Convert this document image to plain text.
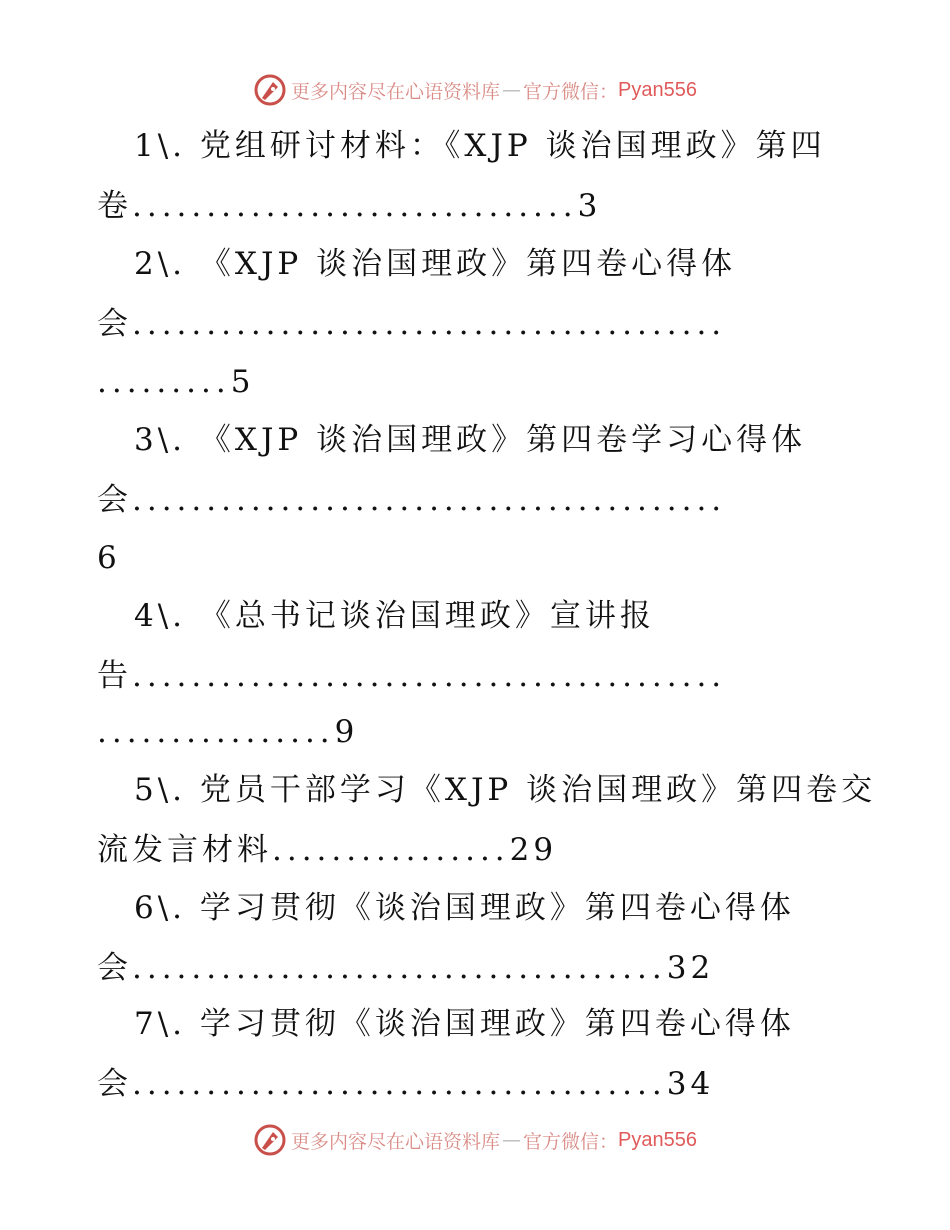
更多内容尽在心语资料库 — 官方微信： Pyan556
1\. 党组研讨材料：《XJP 谈治国理政》第四
卷..............................3
2\. 《XJP 谈治国理政》第四卷心得体
会........................................
.........5
3\. 《XJP 谈治国理政》第四卷学习心得体
会........................................
6
4\. 《总书记谈治国理政》宣讲报
告........................................
................9
5\. 党员干部学习《XJP 谈治国理政》第四卷交
流发言材料................29
6\. 学习贯彻《谈治国理政》第四卷心得体
会....................................32
7\. 学习贯彻《谈治国理政》第四卷心得体
会....................................34
更多内容尽在心语资料库 — 官方微信： Pyan556
